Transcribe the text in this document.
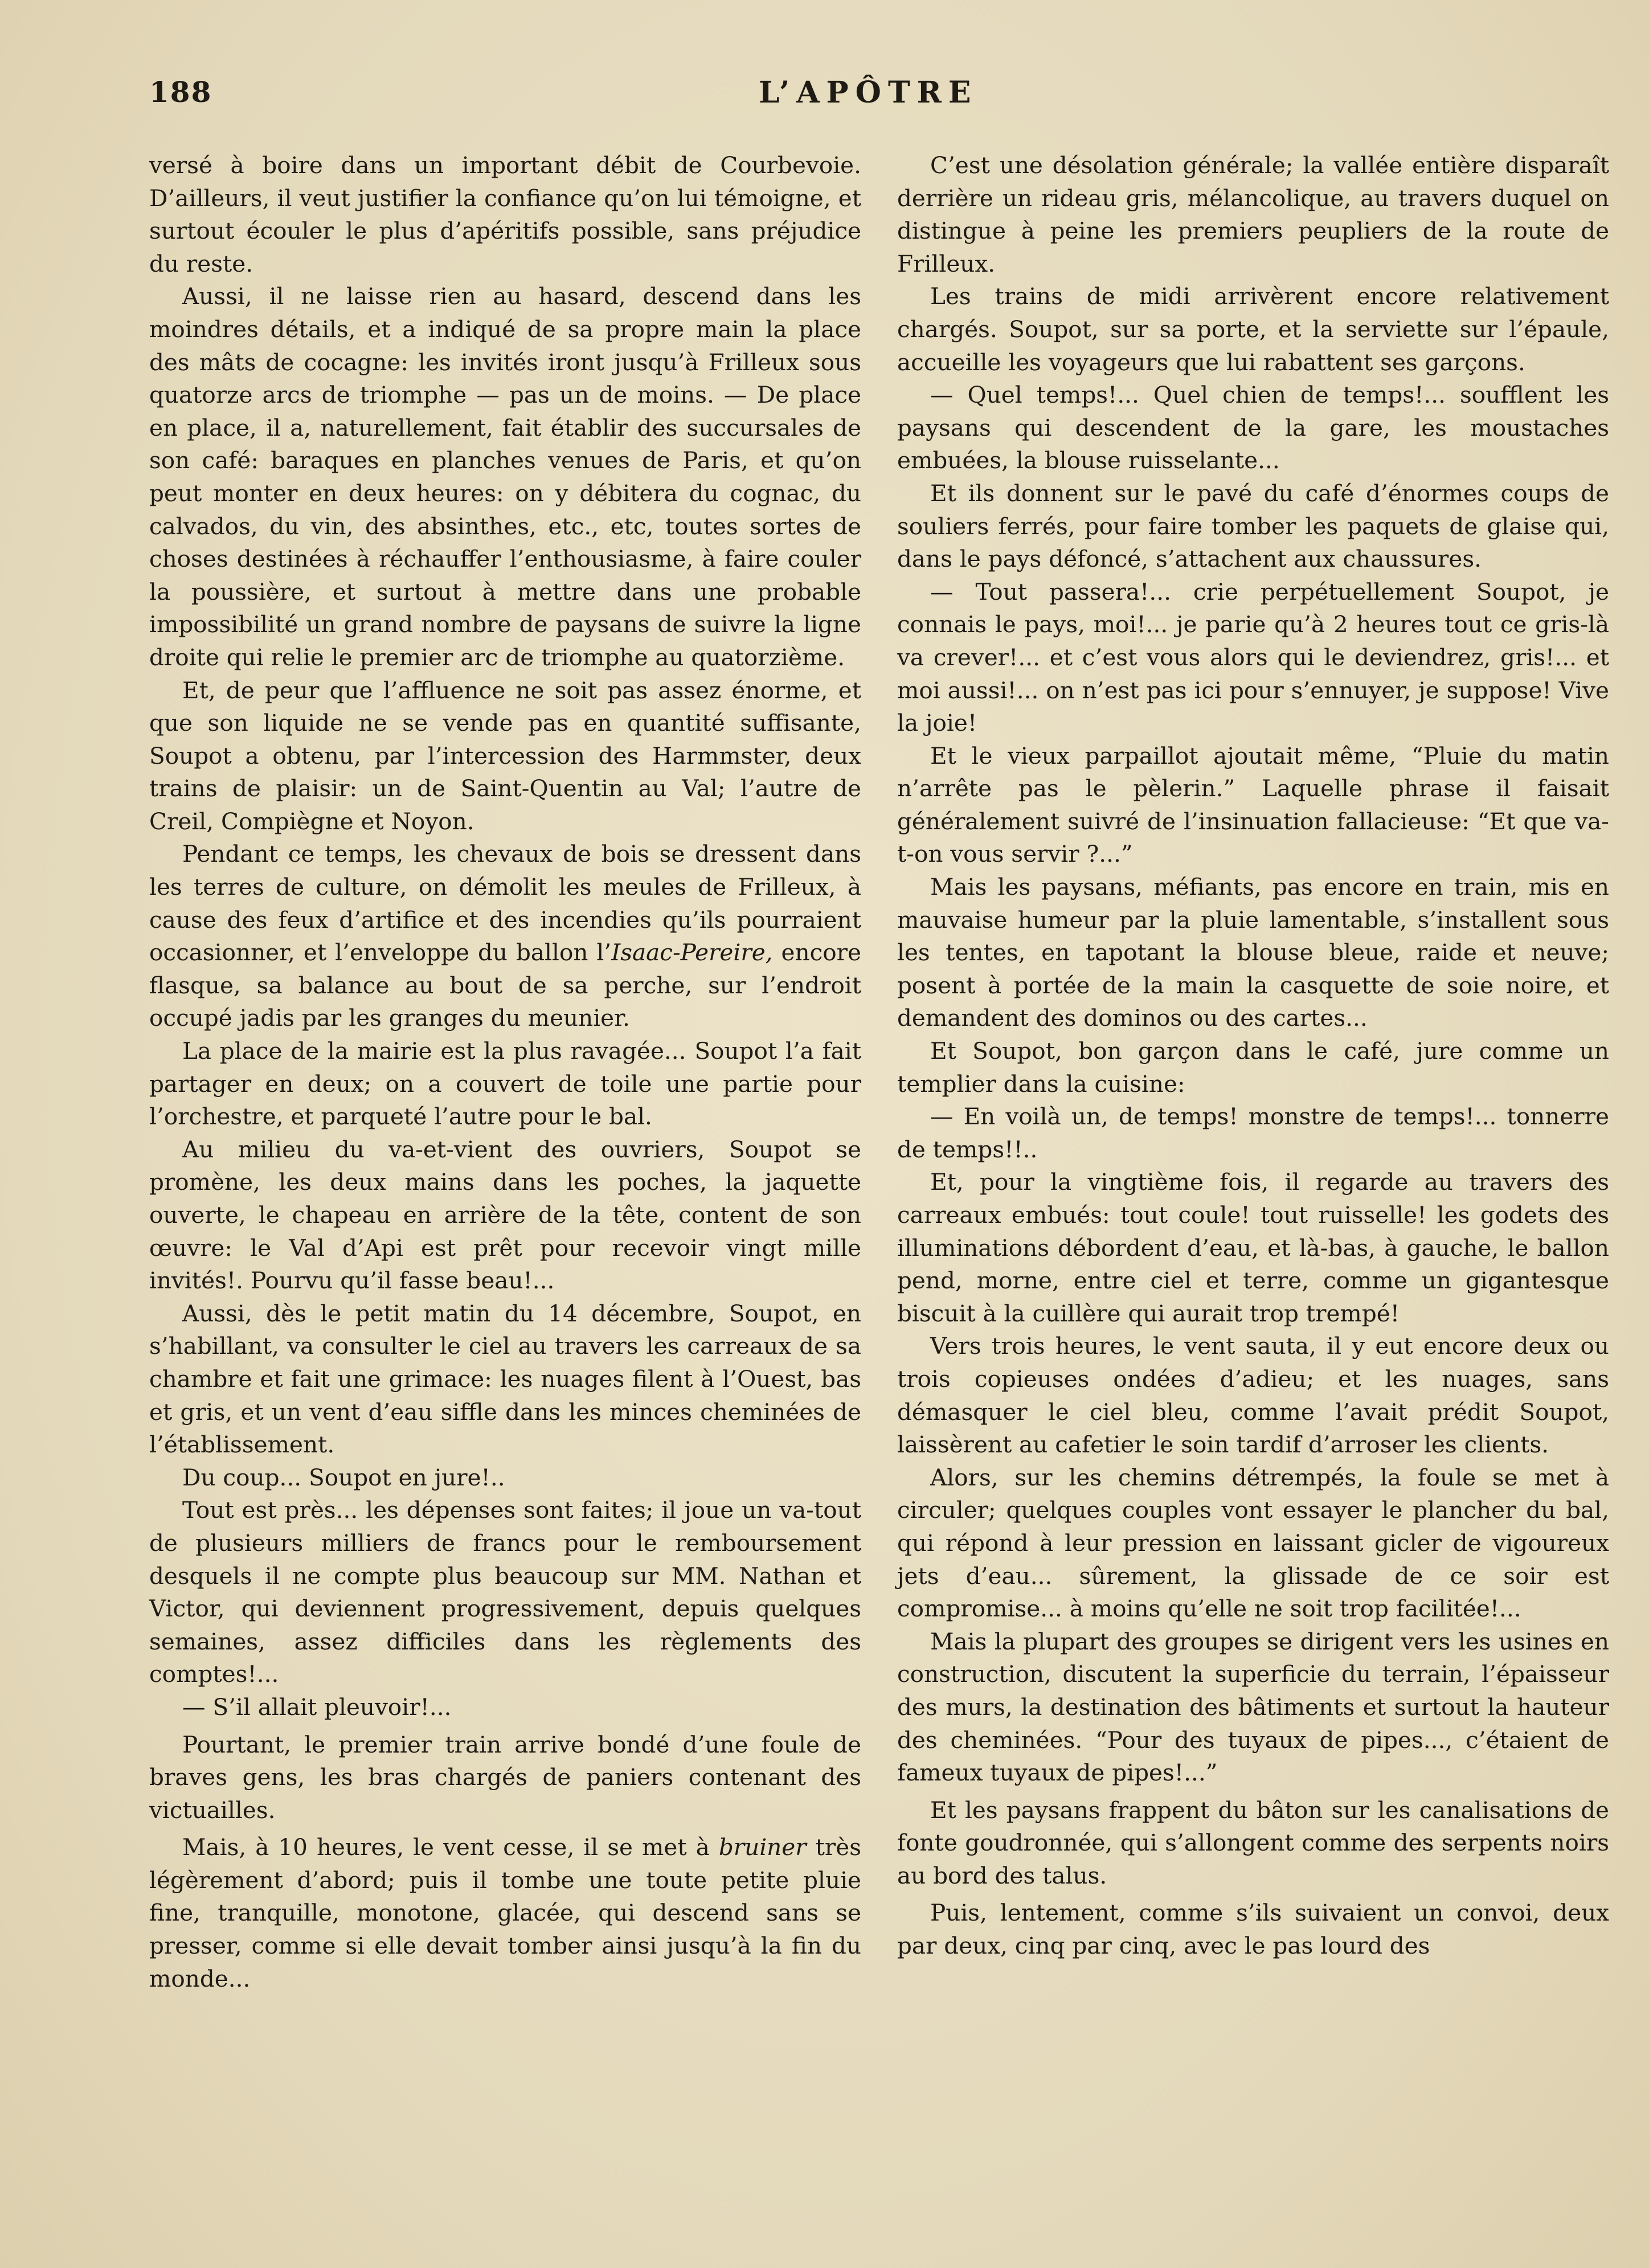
188	L’APÔTRE

versé à boire dans un important débit de Courbevoie. D’ailleurs, il veut justifier la confiance qu’on lui témoigne, et surtout écouler le plus d’apéritifs possible, sans préjudice du reste.

Aussi, il ne laisse rien au hasard, descend dans les moindres détails, et a indiqué de sa propre main la place des mâts de cocagne: les invités iront jusqu’à Frilleux sous quatorze arcs de triomphe — pas un de moins. — De place en place, il a, naturellement, fait établir des succursales de son café: baraques en planches venues de Paris, et qu’on peut monter en deux heures: on y débitera du cognac, du calvados, du vin, des absinthes, etc., etc, toutes sortes de choses destinées à réchauffer l’enthousiasme, à faire couler la poussière, et surtout à mettre dans une probable impossibilité un grand nombre de paysans de suivre la ligne droite qui relie le premier arc de triomphe au quatorzième.

Et, de peur que l’affluence ne soit pas assez énorme, et que son liquide ne se vende pas en quantité suffisante, Soupot a obtenu, par l’intercession des Harmmster, deux trains de plaisir: un de Saint-Quentin au Val; l’autre de Creil, Compiègne et Noyon.

Pendant ce temps, les chevaux de bois se dressent dans les terres de culture, on démolit les meules de Frilleux, à cause des feux d’artifice et des incendies qu’ils pourraient occasionner, et l’enveloppe du ballon l’Isaac-Pereire, encore flasque, sa balance au bout de sa perche, sur l’endroit occupé jadis par les granges du meunier.

La place de la mairie est la plus ravagée... Soupot l’a fait partager en deux; on a couvert de toile une partie pour l’orchestre, et parqueté l’autre pour le bal.

Au milieu du va-et-vient des ouvriers, Soupot se promène, les deux mains dans les poches, la jaquette ouverte, le chapeau en arrière de la tête, content de son œuvre: le Val d’Api est prêt pour recevoir vingt mille invités!. Pourvu qu’il fasse beau!...

Aussi, dès le petit matin du 14 décembre, Soupot, en s’habillant, va consulter le ciel au travers les carreaux de sa chambre et fait une grimace: les nuages filent à l’Ouest, bas et gris, et un vent d’eau siffle dans les minces cheminées de l’établissement.

Du coup... Soupot en jure!..

Tout est près... les dépenses sont faites; il joue un va-tout de plusieurs milliers de francs pour le remboursement desquels il ne compte plus beaucoup sur MM. Nathan et Victor, qui deviennent progressivement, depuis quelques semaines, assez difficiles dans les règlements des comptes!...

— S’il allait pleuvoir!...

Pourtant, le premier train arrive bondé d’une foule de braves gens, les bras chargés de paniers contenant des victuailles.

Mais, à 10 heures, le vent cesse, il se met à bruiner très légèrement d’abord; puis il tombe une toute petite pluie fine, tranquille, monotone, glacée, qui descend sans se presser, comme si elle devait tomber ainsi jusqu’à la fin du monde...

C’est une désolation générale; la vallée entière disparaît derrière un rideau gris, mélancolique, au travers duquel on distingue à peine les premiers peupliers de la route de Frilleux.

Les trains de midi arrivèrent encore relativement chargés. Soupot, sur sa porte, et la serviette sur l’épaule, accueille les voyageurs que lui rabattent ses garçons.

— Quel temps!... Quel chien de temps!... soufflent les paysans qui descendent de la gare, les moustaches embuées, la blouse ruisselante...

Et ils donnent sur le pavé du café d’énormes coups de souliers ferrés, pour faire tomber les paquets de glaise qui, dans le pays défoncé, s’attachent aux chaussures.

— Tout passera!... crie perpétuellement Soupot, je connais le pays, moi!... je parie qu’à 2 heures tout ce gris-là va crever!... et c’est vous alors qui le deviendrez, gris!... et moi aussi!... on n’est pas ici pour s’ennuyer, je suppose! Vive la joie!

Et le vieux parpaillot ajoutait même, “Pluie du matin n’arrête pas le pèlerin.” Laquelle phrase il faisait généralement suivré de l’insinuation fallacieuse: “Et que va-t-on vous servir ?...”

Mais les paysans, méfiants, pas encore en train, mis en mauvaise humeur par la pluie lamentable, s’installent sous les tentes, en tapotant la blouse bleue, raide et neuve; posent à portée de la main la casquette de soie noire, et demandent des dominos ou des cartes...

Et Soupot, bon garçon dans le café, jure comme un templier dans la cuisine:

— En voilà un, de temps! monstre de temps!... tonnerre de temps!!..

Et, pour la vingtième fois, il regarde au travers des carreaux embués: tout coule! tout ruisselle! les godets des illuminations débordent d’eau, et là-bas, à gauche, le ballon pend, morne, entre ciel et terre, comme un gigantesque biscuit à la cuillère qui aurait trop trempé!

Vers trois heures, le vent sauta, il y eut encore deux ou trois copieuses ondées d’adieu; et les nuages, sans démasquer le ciel bleu, comme l’avait prédit Soupot, laissèrent au cafetier le soin tardif d’arroser les clients.

Alors, sur les chemins détrempés, la foule se met à circuler; quelques couples vont essayer le plancher du bal, qui répond à leur pression en laissant gicler de vigoureux jets d’eau... sûrement, la glissade de ce soir est compromise... à moins qu’elle ne soit trop facilitée!...

Mais la plupart des groupes se dirigent vers les usines en construction, discutent la superficie du terrain, l’épaisseur des murs, la destination des bâtiments et surtout la hauteur des cheminées. “Pour des tuyaux de pipes..., c’étaient de fameux tuyaux de pipes!...”

Et les paysans frappent du bâton sur les canalisations de fonte goudronnée, qui s’allongent comme des serpents noirs au bord des talus.

Puis, lentement, comme s’ils suivaient un convoi, deux par deux, cinq par cinq, avec le pas lourd des
